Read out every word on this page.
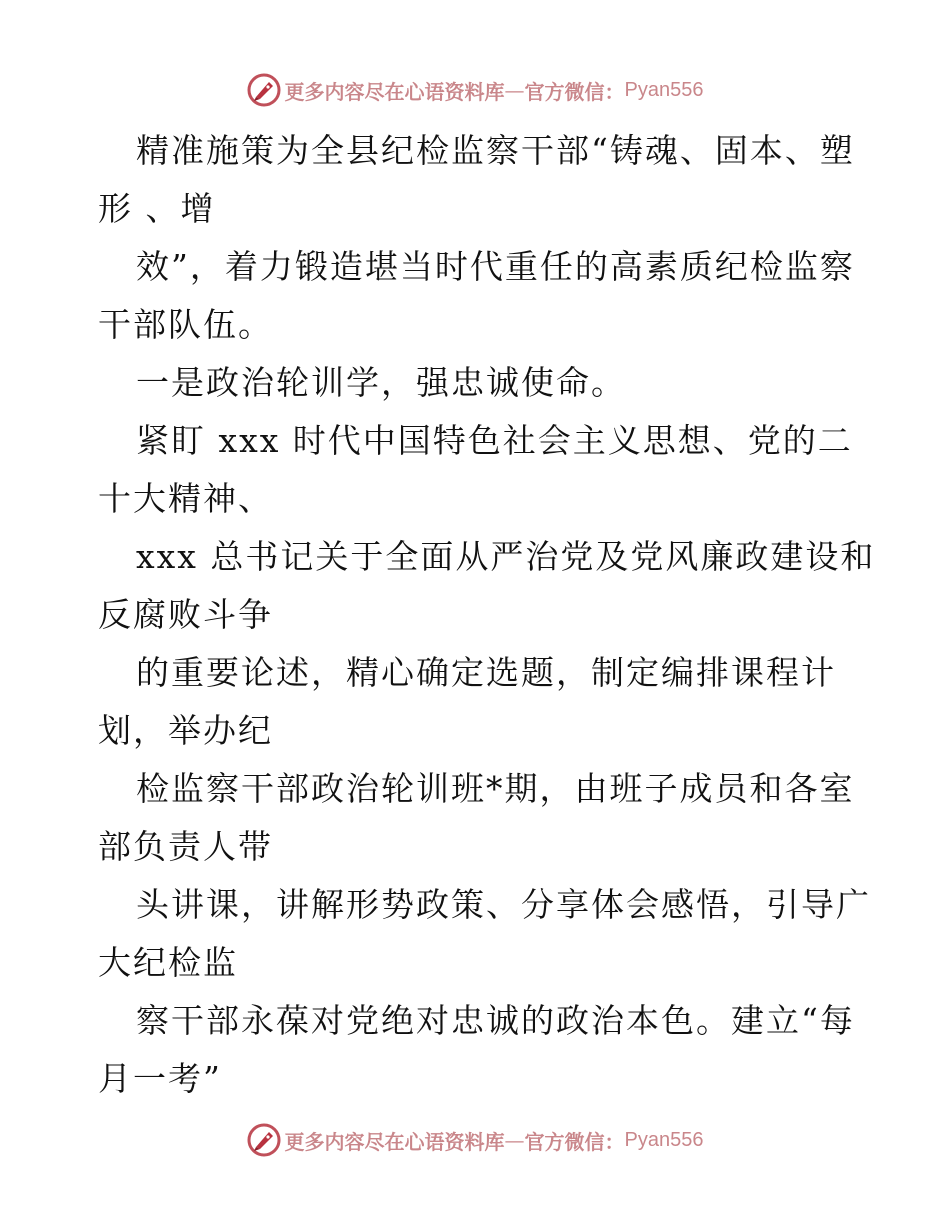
更多内容尽在心语资料库 — 官方微信： Pyan556
精准施策为全县纪检监察干部“铸魂、固本、塑
形 、增
效”，着力锻造堪当时代重任的高素质纪检监察
干部队伍。
一是政治轮训学，强忠诚使命。
紧盯 xxx 时代中国特色社会主义思想、党的二
十大精神、
xxx 总书记关于全面从严治党及党风廉政建设和
反腐败斗争
的重要论述，精心确定选题，制定编排课程计
划，举办纪
检监察干部政治轮训班*期，由班子成员和各室
部负责人带
头讲课，讲解形势政策、分享体会感悟，引导广
大纪检监
察干部永葆对党绝对忠诚的政治本色。建立“每
月一考”
更多内容尽在心语资料库 — 官方微信： Pyan556
